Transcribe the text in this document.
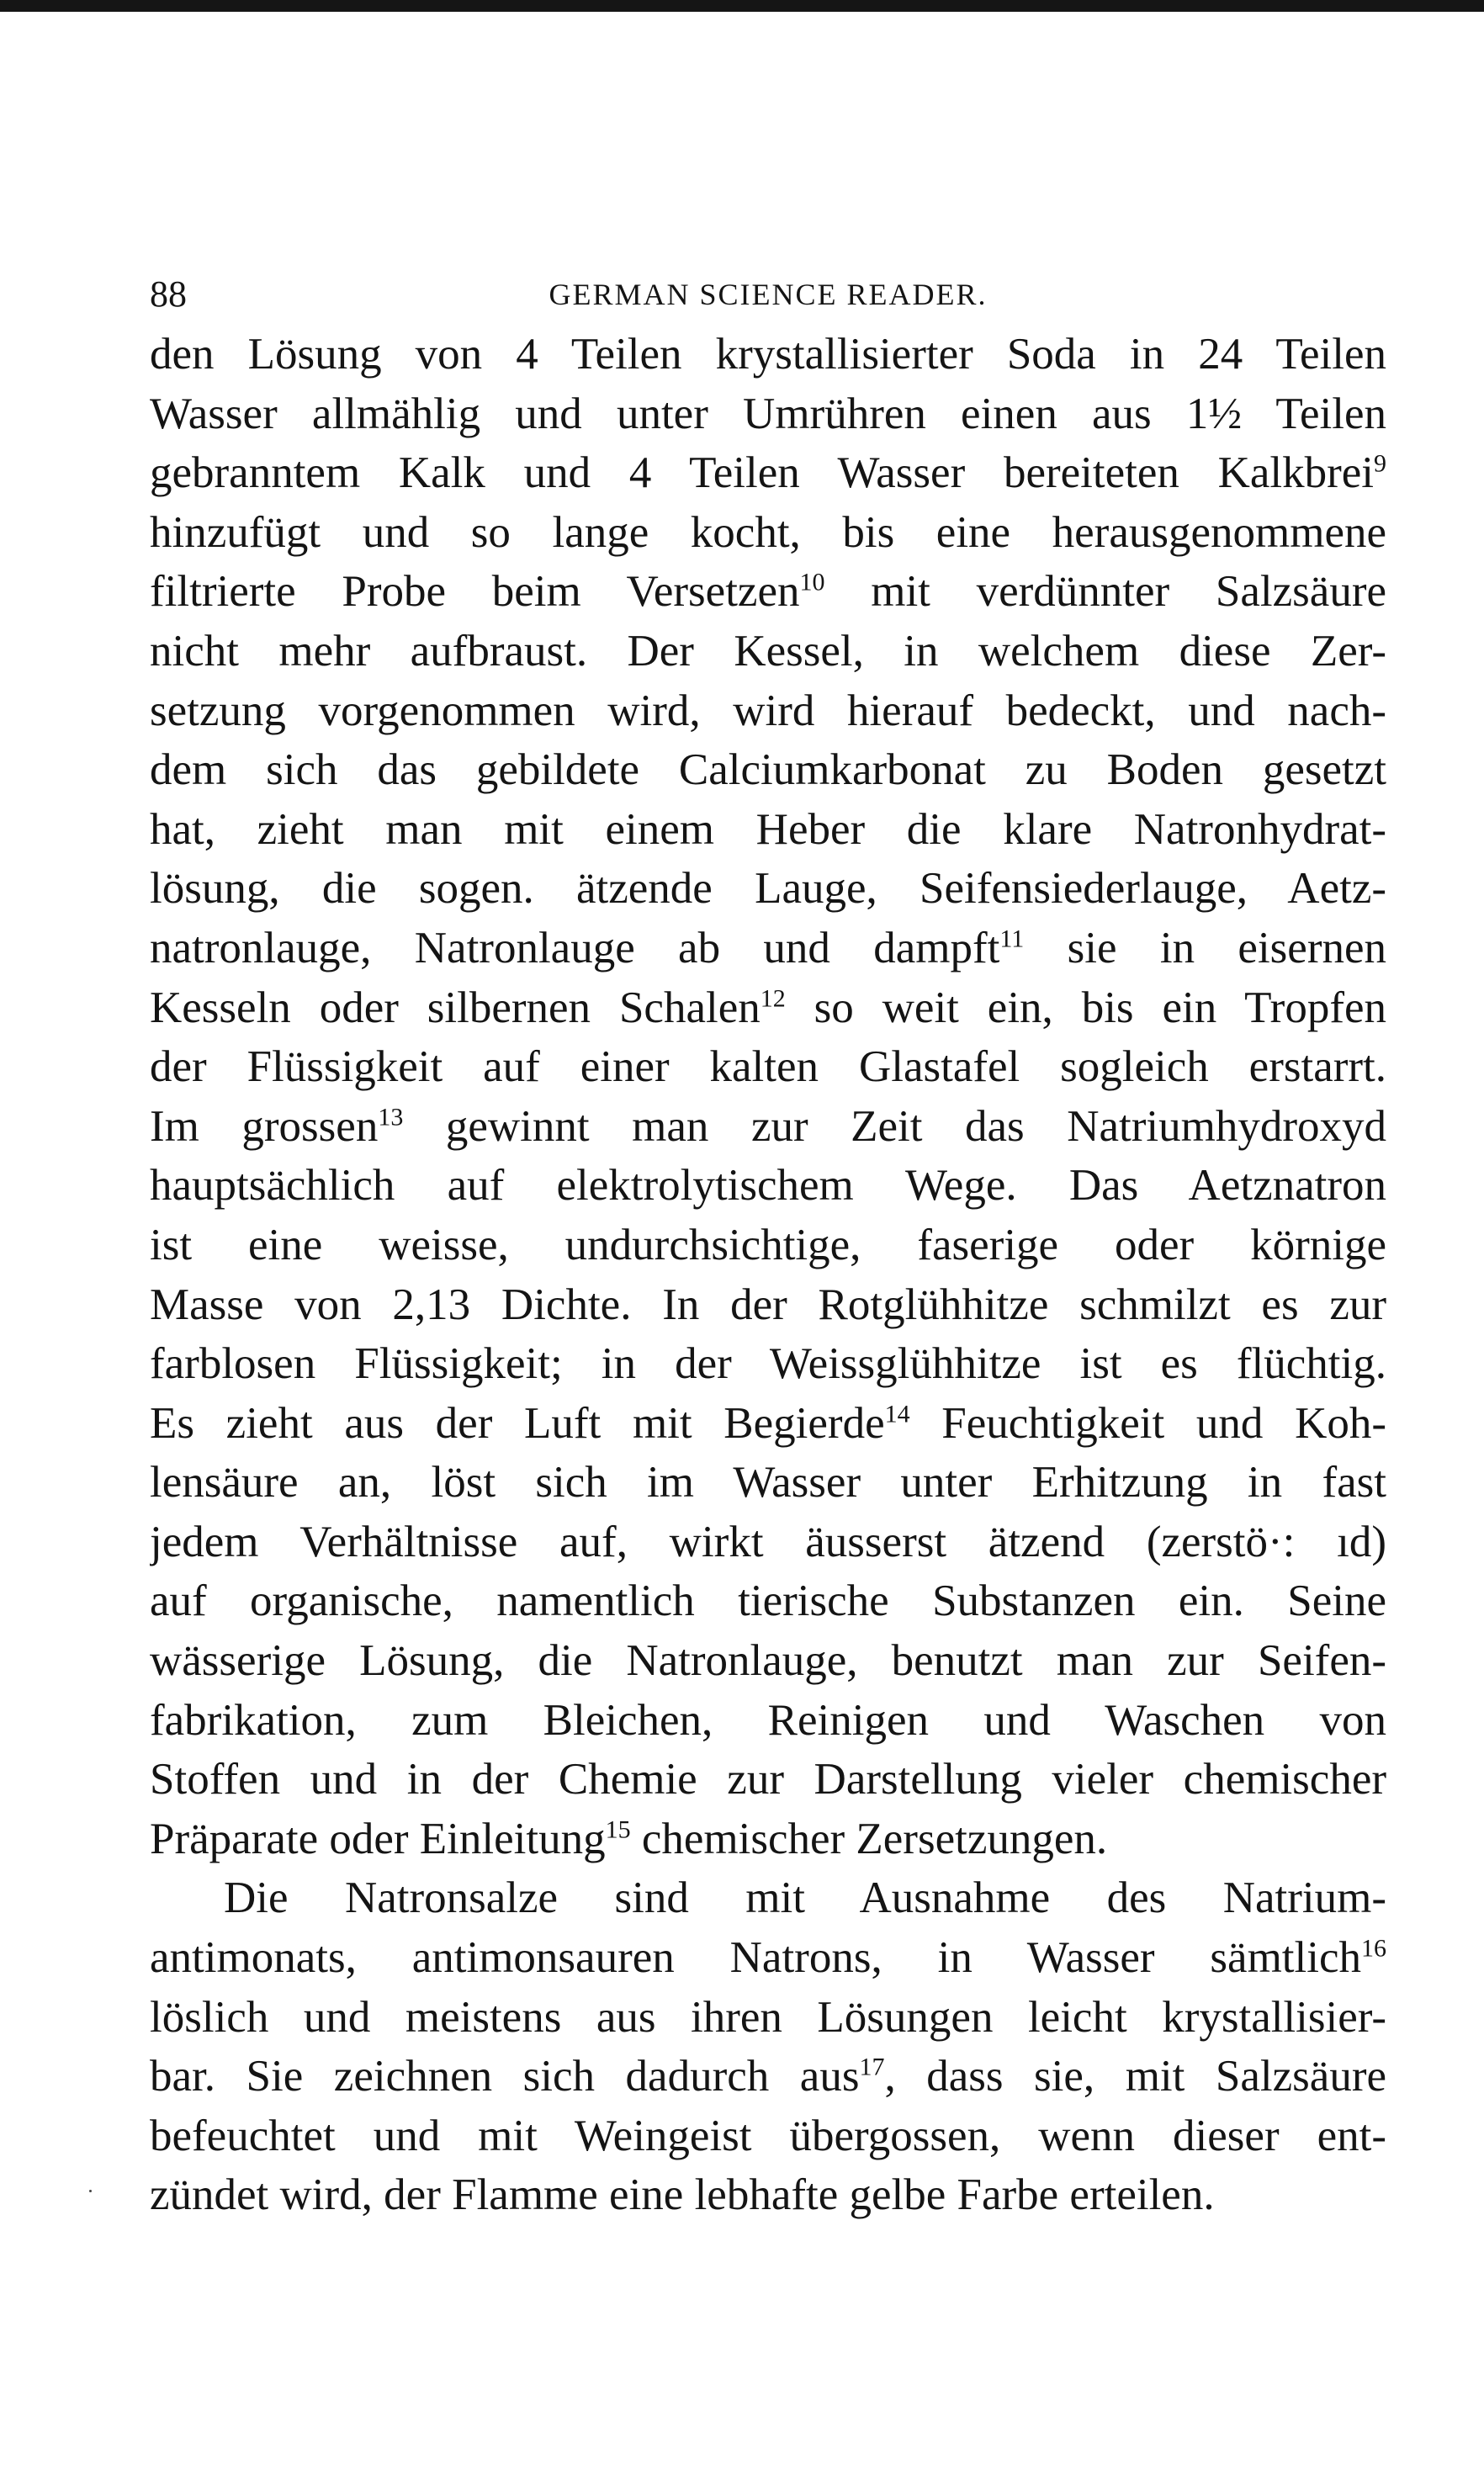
88	GERMAN SCIENCE READER.
den Lösung von 4 Teilen krystallisierter Soda in 24 Teilen
Wasser allmählig und unter Umrühren einen aus 1½ Teilen
gebranntem Kalk und 4 Teilen Wasser bereiteten Kalkbrei$^9$
hinzufügt und so lange kocht, bis eine herausgenommene
filtrierte Probe beim Versetzen$^{10}$ mit verdünnter Salzsäure
nicht mehr aufbraust. Der Kessel, in welchem diese Zer-
setzung vorgenommen wird, wird hierauf bedeckt, und nach-
dem sich das gebildete Calciumkarbonat zu Boden gesetzt
hat, zieht man mit einem Heber die klare Natronhydrat-
lösung, die sogen. ätzende Lauge, Seifensiederlauge, Aetz-
natronlauge, Natronlauge ab und dampft$^{11}$ sie in eisernen
Kesseln oder silbernen Schalen$^{12}$ so weit ein, bis ein Tropfen
der Flüssigkeit auf einer kalten Glastafel sogleich erstarrt.
Im grossen$^{13}$ gewinnt man zur Zeit das Natriumhydroxyd
hauptsächlich auf elektrolytischem Wege. Das Aetznatron
ist eine weisse, undurchsichtige, faserige oder körnige
Masse von 2,13 Dichte. In der Rotglühhitze schmilzt es zur
farblosen Flüssigkeit; in der Weissglühhitze ist es flüchtig.
Es zieht aus der Luft mit Begierde$^{14}$ Feuchtigkeit und Koh-
lensäure an, löst sich im Wasser unter Erhitzung in fast
jedem Verhältnisse auf, wirkt äusserst ätzend (zerstö·: ıd)
auf organische, namentlich tierische Substanzen ein. Seine
wässerige Lösung, die Natronlauge, benutzt man zur Seifen-
fabrikation, zum Bleichen, Reinigen und Waschen von
Stoffen und in der Chemie zur Darstellung vieler chemischer
Präparate oder Einleitung$^{15}$ chemischer Zersetzungen.
Die Natronsalze sind mit Ausnahme des Natrium-
antimonats, antimonsauren Natrons, in Wasser sämtlich$^{16}$
löslich und meistens aus ihren Lösungen leicht krystallisier-
bar. Sie zeichnen sich dadurch aus$^{17}$, dass sie, mit Salzsäure
befeuchtet und mit Weingeist übergossen, wenn dieser ent-
zündet wird, der Flamme eine lebhafte gelbe Farbe erteilen.
